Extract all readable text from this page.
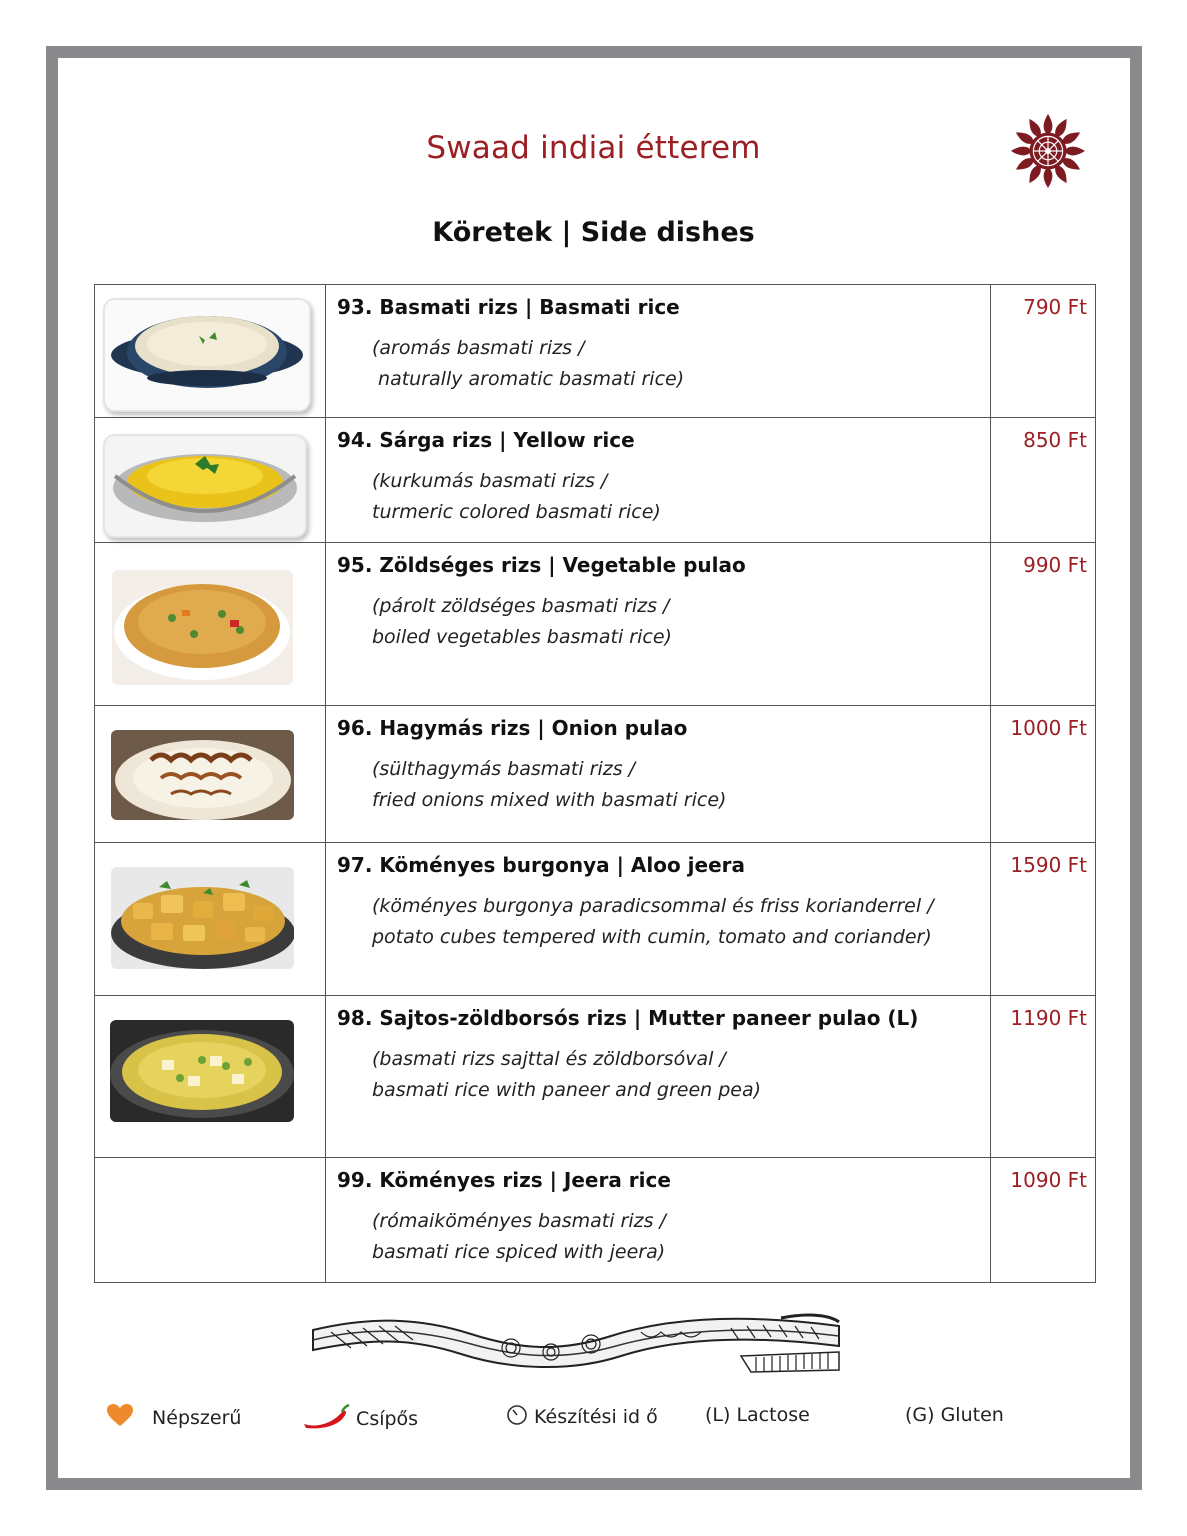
Swaad indiai étterem
Köretek | Side dishes

93. Basmati rizs | Basmati rice
(aromás basmati rizs /
naturally aromatic basmati rice)	790 Ft

94. Sárga rizs | Yellow rice
(kurkumás basmati rizs /
turmeric colored basmati rice)	850 Ft

95. Zöldséges rizs | Vegetable pulao
(párolt zöldséges basmati rizs /
boiled vegetables basmati rice)	990 Ft

96. Hagymás rizs | Onion pulao
(sülthagymás basmati rizs /
fried onions mixed with basmati rice)	1000 Ft

97. Köményes burgonya | Aloo jeera
(köményes burgonya paradicsommal és friss korianderrel /
potato cubes tempered with cumin, tomato and coriander)	1590 Ft

98. Sajtos-zöldborsós rizs | Mutter paneer pulao (L)
(basmati rizs sajttal és zöldborsóval /
basmati rice with paneer and green pea)	1190 Ft

	99. Köményes rizs | Jeera rice
(rómaiköményes basmati rizs /
basmati rice spiced with jeera)	1090 Ft
Népszerű	Csípős	Készítési id ő (L) Lactose	(G) Gluten
